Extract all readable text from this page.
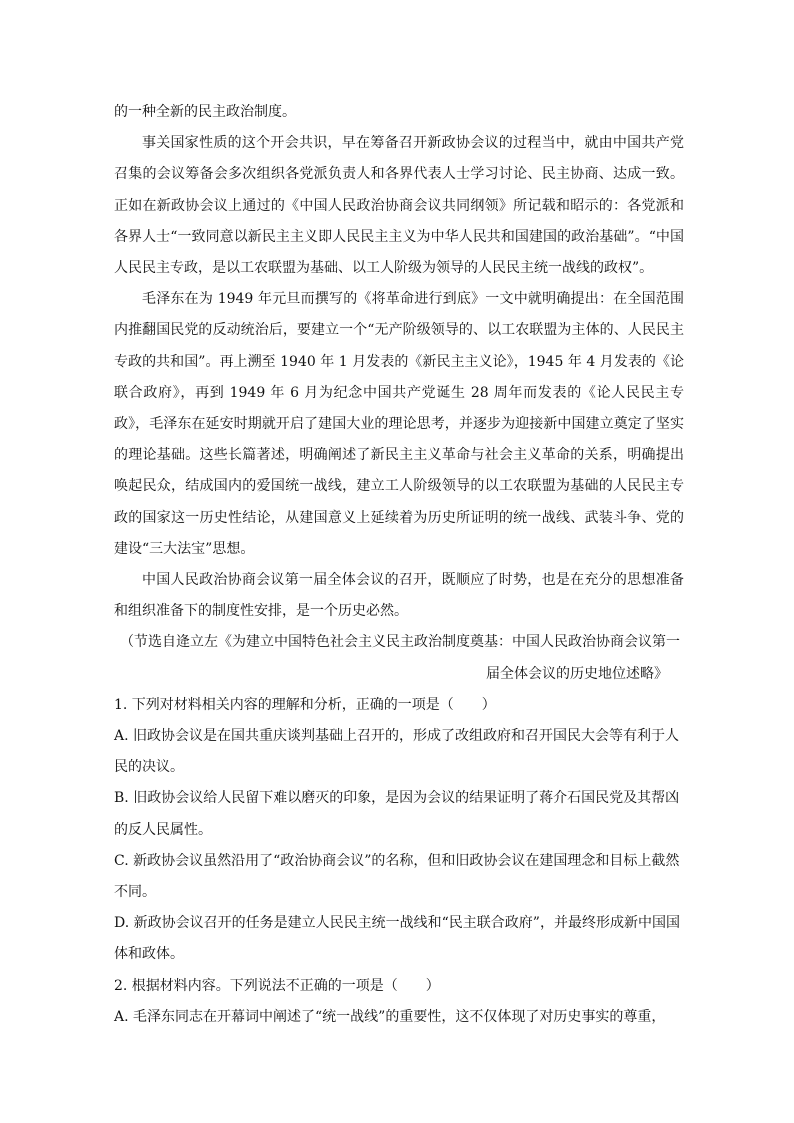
的一种全新的民主政治制度。

事关国家性质的这个开会共识，早在筹备召开新政协会议的过程当中，就由中国共产党召集的会议筹备会多次组织各党派负责人和各界代表人士学习讨论、民主协商、达成一致。正如在新政协会议上通过的《中国人民政治协商会议共同纲领》所记载和昭示的：各党派和各界人士“一致同意以新民主主义即人民民主主义为中华人民共和国建国的政治基础”。“中国人民民主专政，是以工农联盟为基础、以工人阶级为领导的人民民主统一战线的政权”。

毛泽东在为 1949 年元旦而撰写的《将革命进行到底》一文中就明确提出：在全国范围内推翻国民党的反动统治后，要建立一个“无产阶级领导的、以工农联盟为主体的、人民民主专政的共和国”。再上溯至 1940 年 1 月发表的《新民主主义论》，1945 年 4 月发表的《论联合政府》，再到 1949 年 6 月为纪念中国共产党诞生 28 周年而发表的《论人民民主专政》，毛泽东在延安时期就开启了建国大业的理论思考，并逐步为迎接新中国建立奠定了坚实的理论基础。这些长篇著述，明确阐述了新民主主义革命与社会主义革命的关系，明确提出唤起民众，结成国内的爱国统一战线，建立工人阶级领导的以工农联盟为基础的人民民主专政的国家这一历史性结论，从建国意义上延续着为历史所证明的统一战线、武装斗争、党的建设“三大法宝”思想。

中国人民政治协商会议第一届全体会议的召开，既顺应了时势，也是在充分的思想准备和组织准备下的制度性安排，是一个历史必然。

（节选自逄立左《为建立中国特色社会主义民主政治制度奠基：中国人民政治协商会议第一

届全体会议的历史地位述略》

1. 下列对材料相关内容的理解和分析，正确的一项是（　　）

A. 旧政协会议是在国共重庆谈判基础上召开的，形成了改组政府和召开国民大会等有利于人民的决议。

B. 旧政协会议给人民留下难以磨灭的印象，是因为会议的结果证明了蒋介石国民党及其帮凶的反人民属性。

C. 新政协会议虽然沿用了“政治协商会议”的名称，但和旧政协会议在建国理念和目标上截然不同。

D. 新政协会议召开的任务是建立人民民主统一战线和“民主联合政府”，并最终形成新中国国体和政体。

2. 根据材料内容。下列说法不正确的一项是（　　）

A. 毛泽东同志在开幕词中阐述了“统一战线”的重要性，这不仅体现了对历史事实的尊重，
